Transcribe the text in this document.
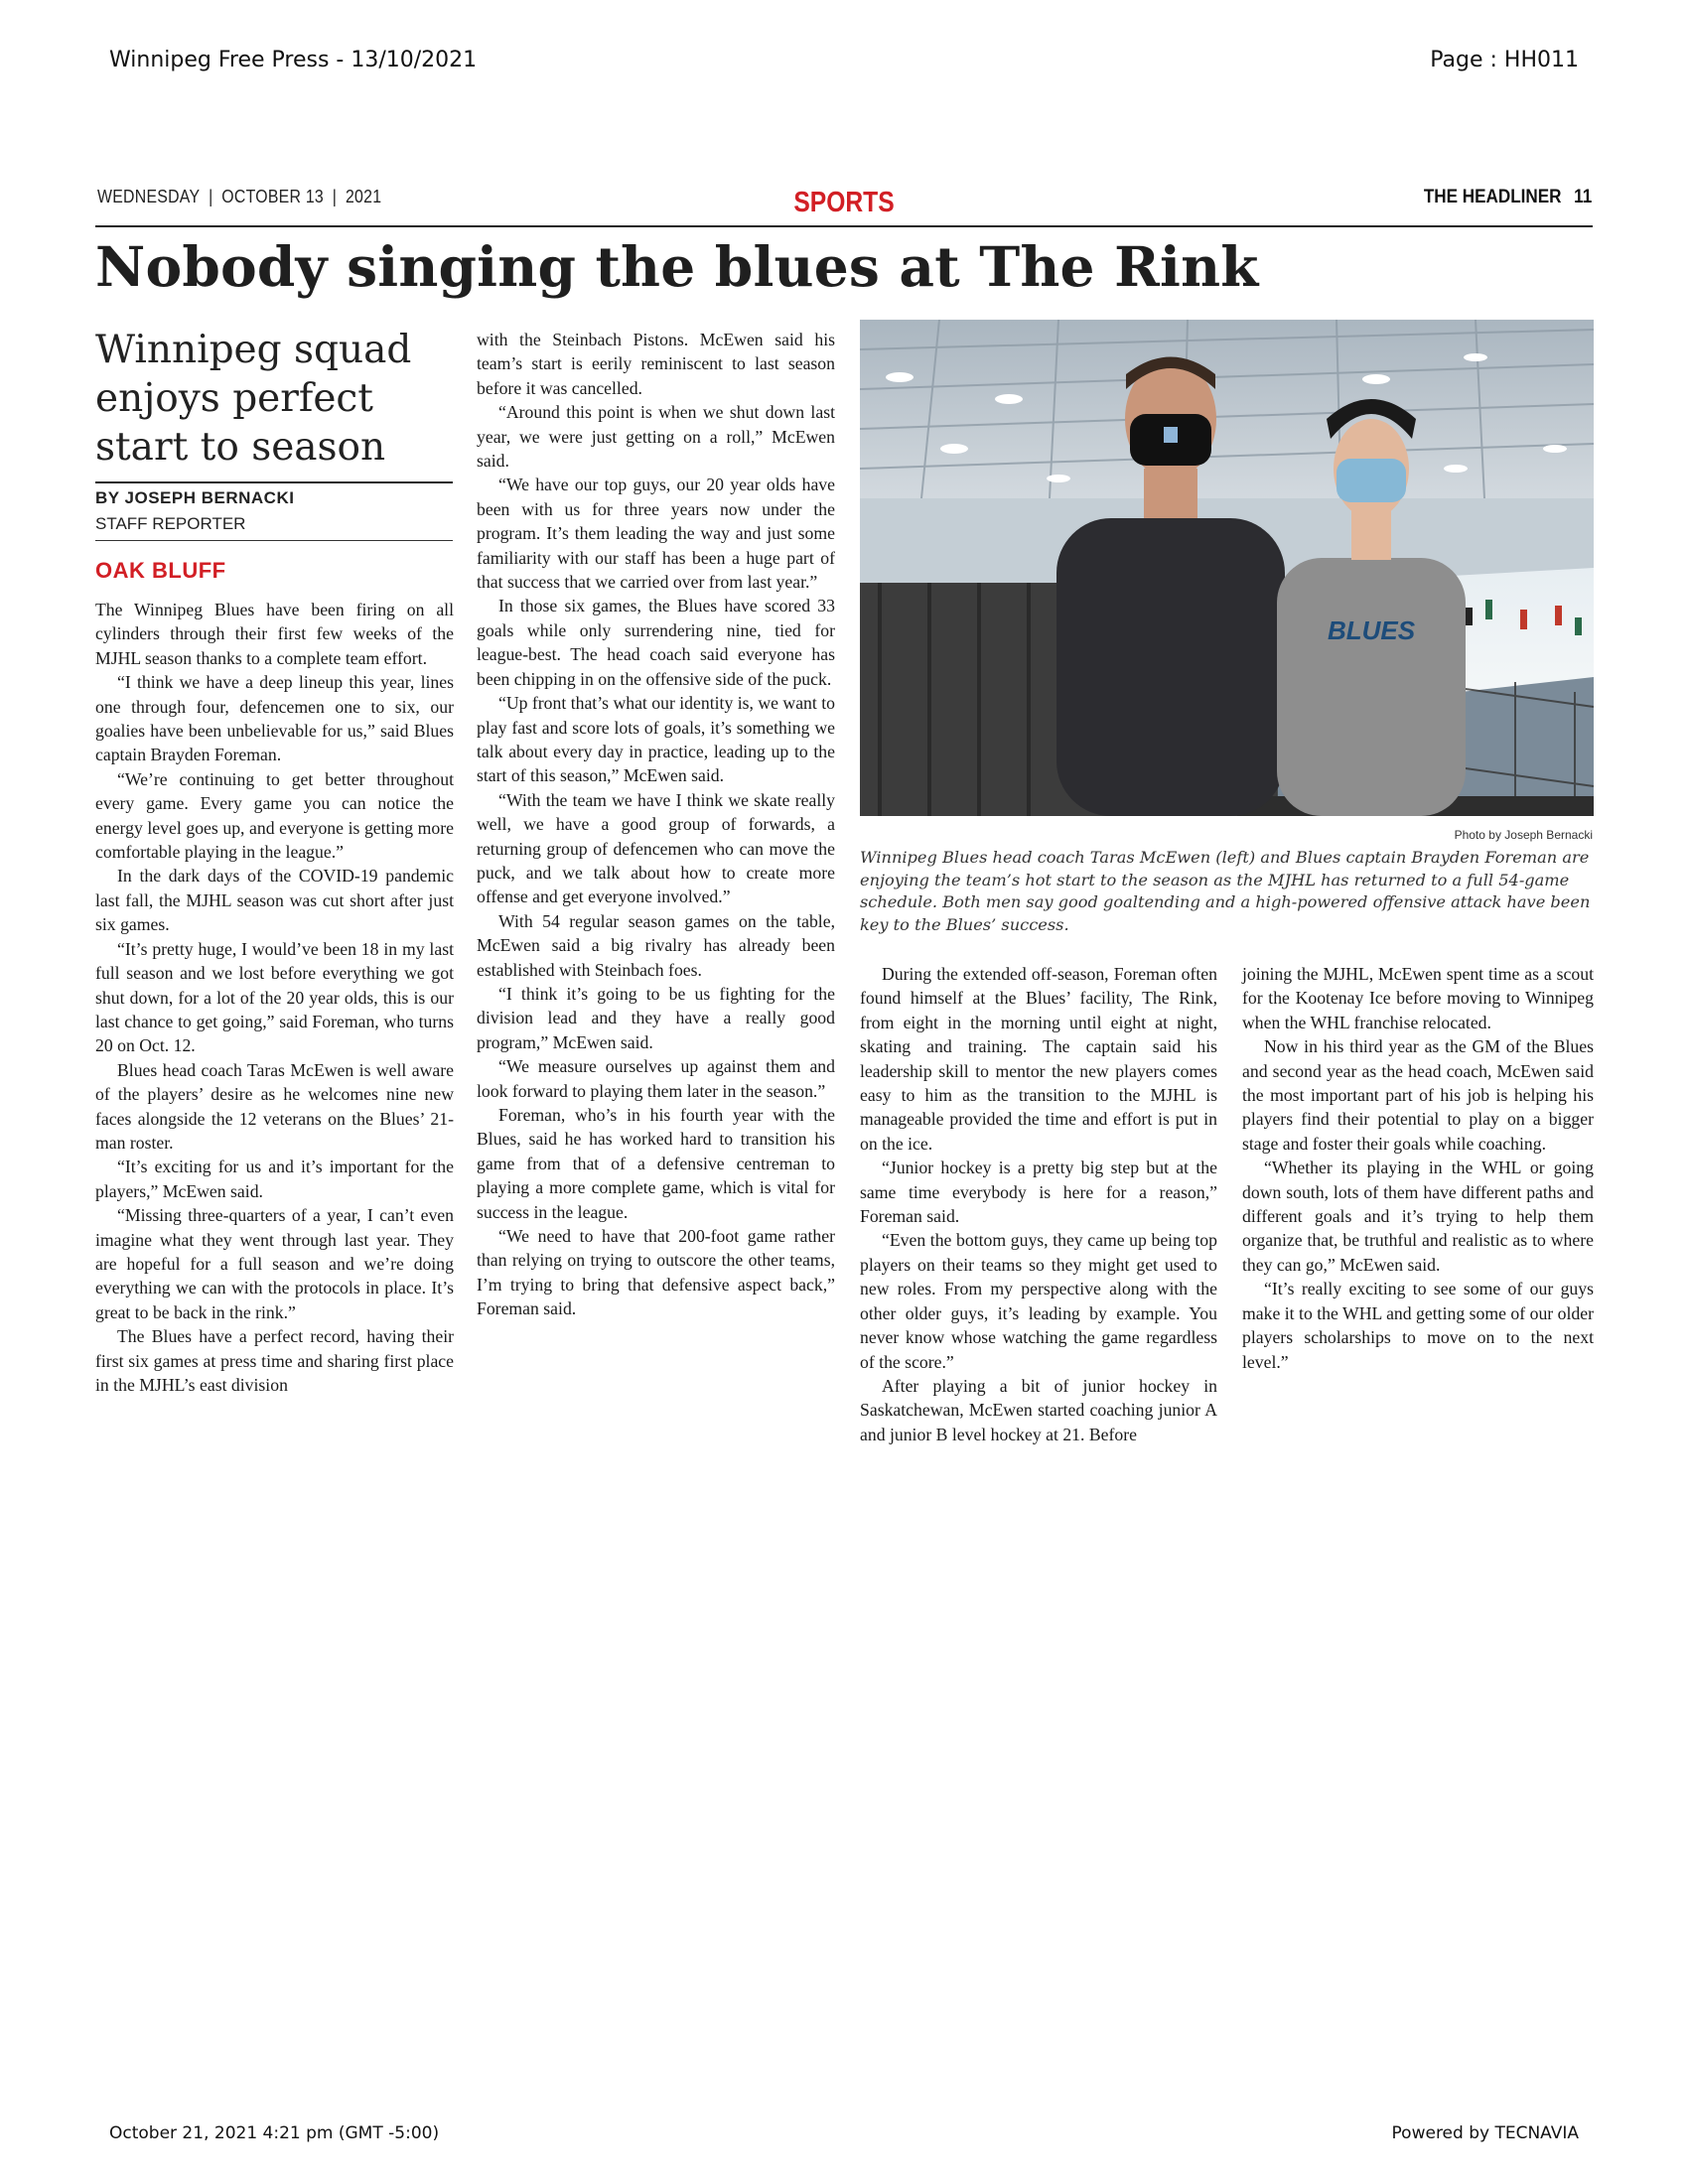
Winnipeg Free Press - 13/10/2021	Page : HH011
WEDNESDAY | OCTOBER 13 | 2021	SPORTS	THE HEADLINER 11
Nobody singing the blues at The Rink
Winnipeg squad enjoys perfect start to season
BY JOSEPH BERNACKI
STAFF REPORTER
OAK BLUFF

The Winnipeg Blues have been firing on all cylinders through their first few weeks of the MJHL season thanks to a complete team effort.

“I think we have a deep lineup this year, lines one through four, defencemen one to six, our goalies have been unbelievable for us,” said Blues captain Brayden Foreman.

“We’re continuing to get better throughout every game. Every game you can notice the energy level goes up, and everyone is getting more comfortable playing in the league.”

In the dark days of the COVID-19 pandemic last fall, the MJHL season was cut short after just six games.

“It’s pretty huge, I would’ve been 18 in my last full season and we lost before everything we got shut down, for a lot of the 20 year olds, this is our last chance to get going,” said Foreman, who turns 20 on Oct. 12.

Blues head coach Taras McEwen is well aware of the players’ desire as he welcomes nine new faces alongside the 12 veterans on the Blues’ 21-man roster.

“It’s exciting for us and it’s important for the players,” McEwen said.

“Missing three-quarters of a year, I can’t even imagine what they went through last year. They are hopeful for a full season and we’re doing everything we can with the protocols in place. It’s great to be back in the rink.”

The Blues have a perfect record, having their first six games at press time and sharing first place in the MJHL’s east division

with the Steinbach Pistons. McEwen said his team’s start is eerily reminiscent to last season before it was cancelled.

“Around this point is when we shut down last year, we were just getting on a roll,” McEwen said.

“We have our top guys, our 20 year olds have been with us for three years now under the program. It’s them leading the way and just some familiarity with our staff has been a huge part of that success that we carried over from last year.”

In those six games, the Blues have scored 33 goals while only surrendering nine, tied for league-best. The head coach said everyone has been chipping in on the offensive side of the puck.

“Up front that’s what our identity is, we want to play fast and score lots of goals, it’s something we talk about every day in practice, leading up to the start of this season,” McEwen said.

“With the team we have I think we skate really well, we have a good group of forwards, a returning group of defencemen who can move the puck, and we talk about how to create more offense and get everyone involved.”

With 54 regular season games on the table, McEwen said a big rivalry has already been established with Steinbach foes.

“I think it’s going to be us fighting for the division lead and they have a really good program,” McEwen said.

“We measure ourselves up against them and look forward to playing them later in the season.”

Foreman, who’s in his fourth year with the Blues, said he has worked hard to transition his game from that of a defensive centreman to playing a more complete game, which is vital for success in the league.

“We need to have that 200-foot game rather than relying on trying to outscore the other teams, I’m trying to bring that defensive aspect back,” Foreman said.

BLUES
Photo by Joseph Bernacki
Winnipeg Blues head coach Taras McEwen (left) and Blues captain Brayden Foreman are enjoying the team’s hot start to the season as the MJHL has returned to a full 54-game schedule. Both men say good goaltending and a high-powered offensive attack have been key to the Blues’ success.

During the extended off-season, Foreman often found himself at the Blues’ facility, The Rink, from eight in the morning until eight at night, skating and training. The captain said his leadership skill to mentor the new players comes easy to him as the transition to the MJHL is manageable provided the time and effort is put in on the ice.

“Junior hockey is a pretty big step but at the same time everybody is here for a reason,” Foreman said.

“Even the bottom guys, they came up being top players on their teams so they might get used to new roles. From my perspective along with the other older guys, it’s leading by example. You never know whose watching the game regardless of the score.”

After playing a bit of junior hockey in Saskatchewan, McEwen started coaching junior A and junior B level hockey at 21. Before

joining the MJHL, McEwen spent time as a scout for the Kootenay Ice before moving to Winnipeg when the WHL franchise relocated.

Now in his third year as the GM of the Blues and second year as the head coach, McEwen said the most important part of his job is helping his players find their potential to play on a bigger stage and foster their goals while coaching.

“Whether its playing in the WHL or going down south, lots of them have different paths and different goals and it’s trying to help them organize that, be truthful and realistic as to where they can go,” McEwen said.

“It’s really exciting to see some of our guys make it to the WHL and getting some of our older players scholarships to move on to the next level.”

October 21, 2021 4:21 pm (GMT -5:00)	Powered by TECNAVIA
